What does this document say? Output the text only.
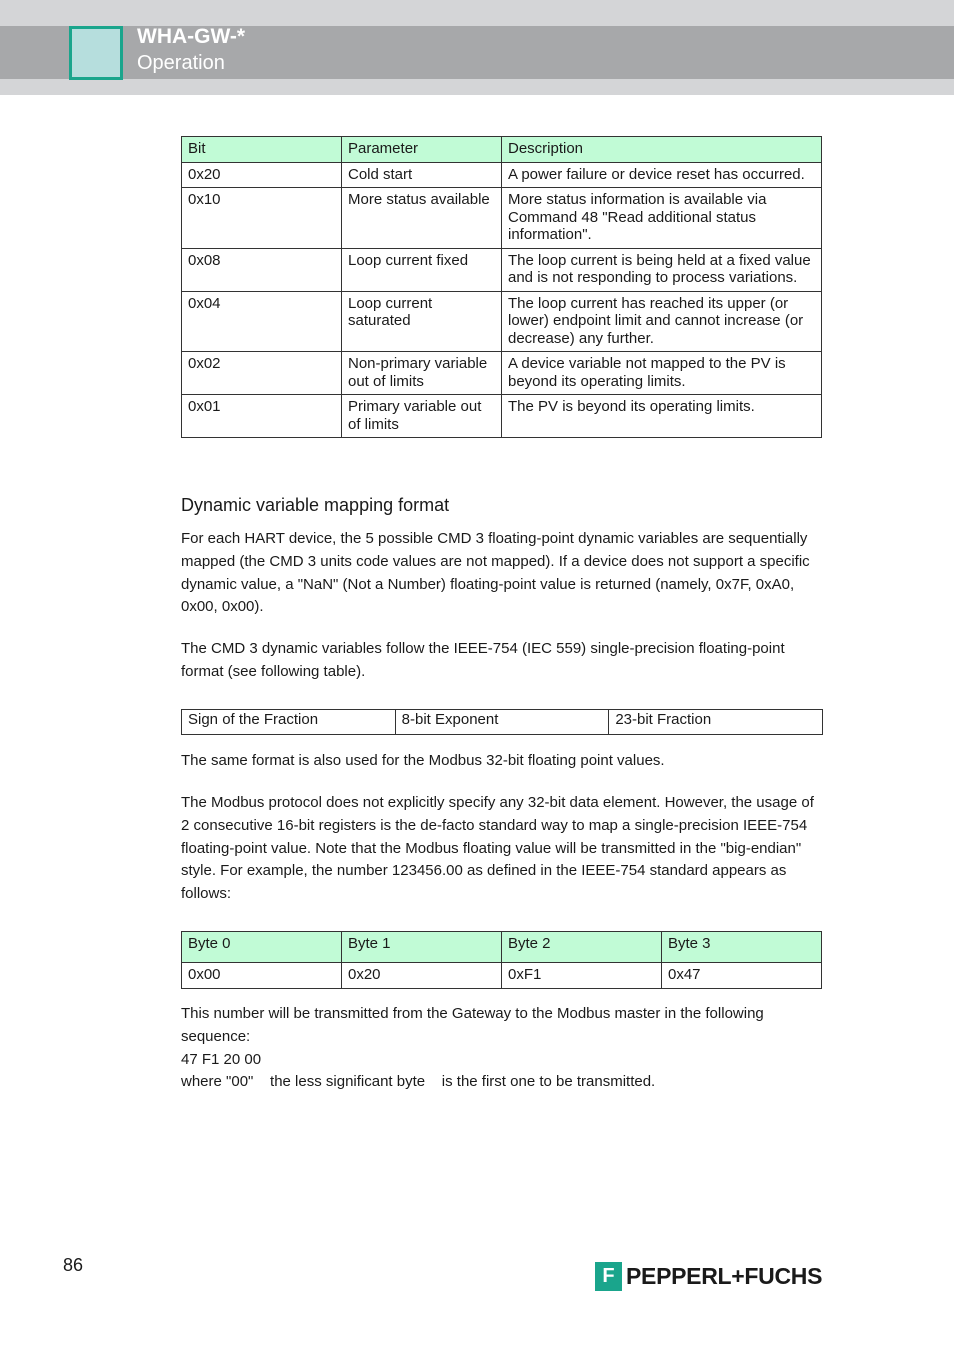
WHA-GW-*
Operation
Bit	Parameter	Description
0x20	Cold start	A power failure or device reset has occurred.
0x10	More status available	More status information is available via Command 48 "Read additional status information".
0x08	Loop current fixed	The loop current is being held at a fixed value and is not responding to process variations.
0x04	Loop current saturated	The loop current has reached its upper (or lower) endpoint limit and cannot increase (or decrease) any further.
0x02	Non-primary variable out of limits	A device variable not mapped to the PV is beyond its operating limits.
0x01	Primary variable out of limits	The PV is beyond its operating limits.
Dynamic variable mapping format

For each HART device, the 5 possible CMD 3 floating-point dynamic variables are sequentially mapped (the CMD 3 units code values are not mapped). If a device does not support a specific dynamic value, a "NaN" (Not a Number) floating-point value is returned (namely, 0x7F, 0xA0, 0x00, 0x00).

The CMD 3 dynamic variables follow the IEEE-754 (IEC 559) single-precision floating-point format (see following table).

Sign of the Fraction	8-bit Exponent	23-bit Fraction

The same format is also used for the Modbus 32-bit floating point values.

The Modbus protocol does not explicitly specify any 32-bit data element. However, the usage of 2 consecutive 16-bit registers is the de-facto standard way to map a single-precision IEEE-754 floating-point value. Note that the Modbus floating value will be transmitted in the "big-endian" style. For example, the number 123456.00 as defined in the IEEE-754 standard appears as follows:

Byte 0	Byte 1	Byte 2	Byte 3
0x00	0x20	0xF1	0x47
This number will be transmitted from the Gateway to the Modbus master in the following sequence:
47 F1 20 00
where "00"    the less significant byte    is the first one to be transmitted.
86	F PEPPERL+FUCHS
